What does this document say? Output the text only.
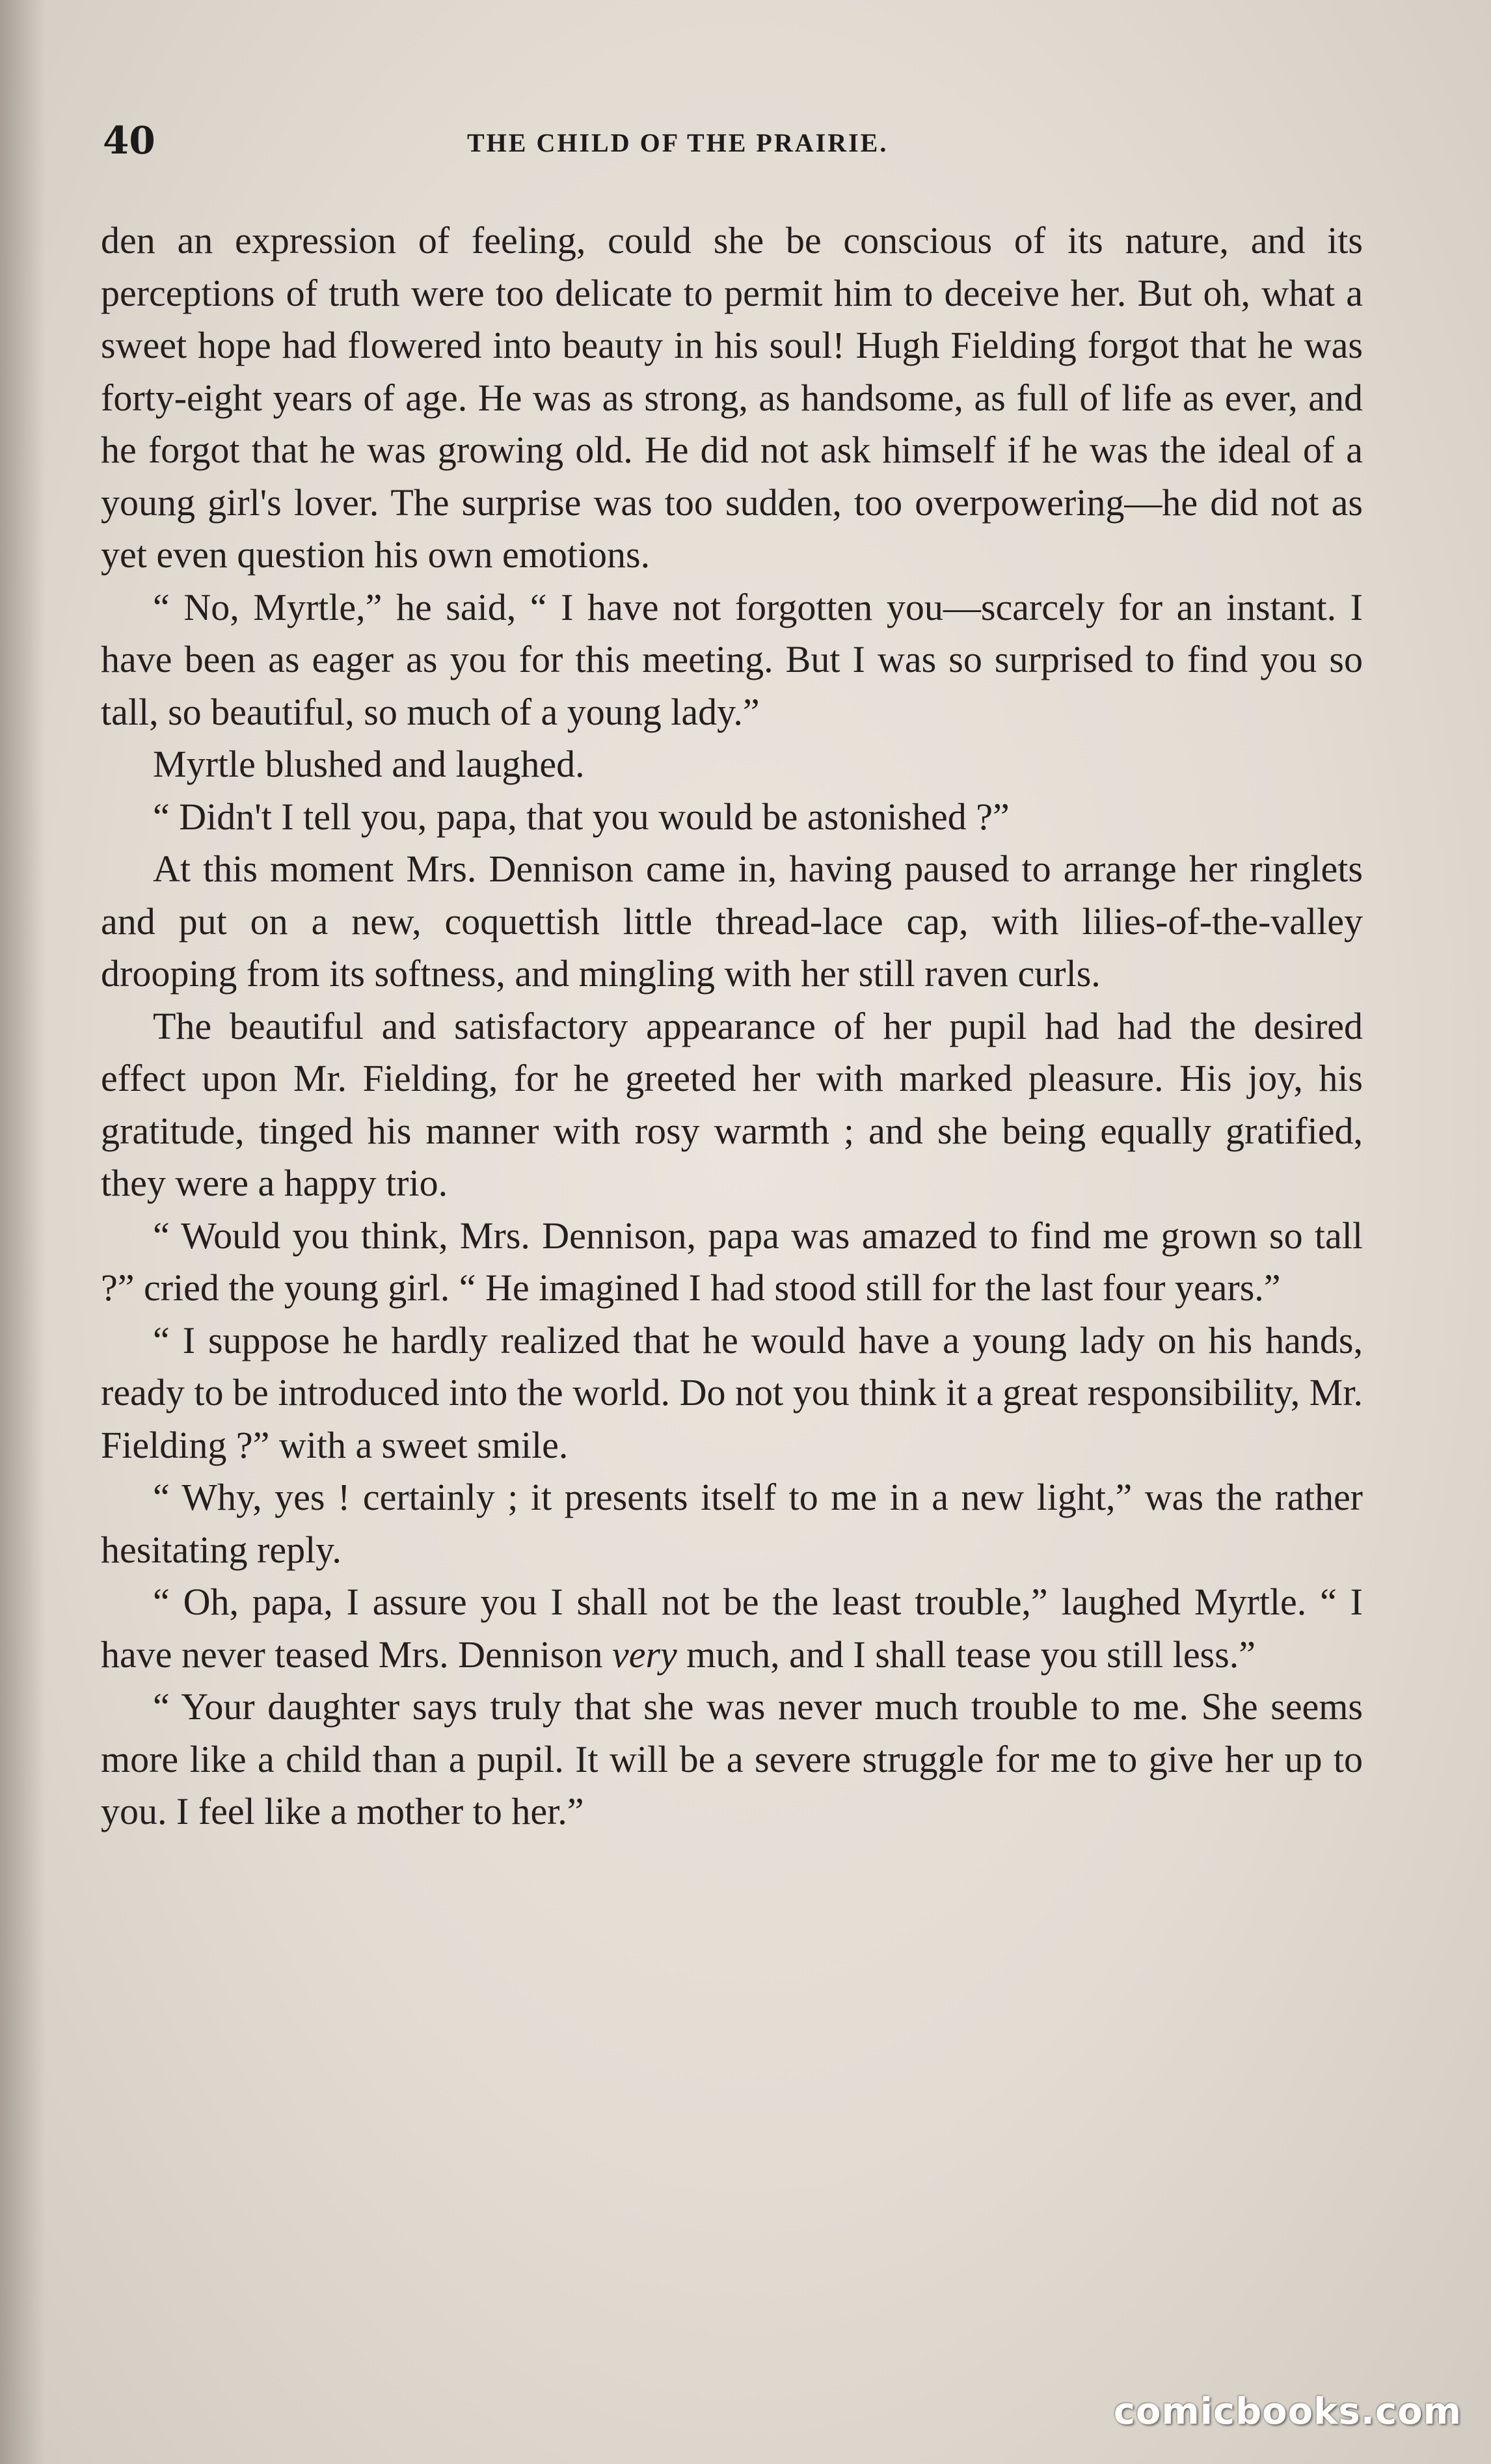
40	THE CHILD OF THE PRAIRIE.

den an expression of feeling, could she be conscious of its nature, and its perceptions of truth were too delicate to permit him to deceive her. But oh, what a sweet hope had flowered into beauty in his soul! Hugh Fielding forgot that he was forty-eight years of age. He was as strong, as handsome, as full of life as ever, and he forgot that he was growing old. He did not ask himself if he was the ideal of a young girl's lover. The surprise was too sudden, too overpowering—he did not as yet even question his own emotions.

“ No, Myrtle,” he said, “ I have not forgotten you—scarcely for an instant. I have been as eager as you for this meeting. But I was so surprised to find you so tall, so beautiful, so much of a young lady.”

Myrtle blushed and laughed.

“ Didn't I tell you, papa, that you would be astonished ?”

At this moment Mrs. Dennison came in, having paused to arrange her ringlets and put on a new, coquettish little thread-lace cap, with lilies-of-the-valley drooping from its softness, and mingling with her still raven curls.

The beautiful and satisfactory appearance of her pupil had had the desired effect upon Mr. Fielding, for he greeted her with marked pleasure. His joy, his gratitude, tinged his manner with rosy warmth ; and she being equally gratified, they were a happy trio.

“ Would you think, Mrs. Dennison, papa was amazed to find me grown so tall ?” cried the young girl. “ He imagined I had stood still for the last four years.”

“ I suppose he hardly realized that he would have a young lady on his hands, ready to be introduced into the world. Do not you think it a great responsibility, Mr. Fielding ?” with a sweet smile.

“ Why, yes ! certainly ; it presents itself to me in a new light,” was the rather hesitating reply.

“ Oh, papa, I assure you I shall not be the least trouble,” laughed Myrtle. “ I have never teased Mrs. Dennison very much, and I shall tease you still less.”

“ Your daughter says truly that she was never much trouble to me. She seems more like a child than a pupil. It will be a severe struggle for me to give her up to you. I feel like a mother to her.”

comicbooks.com
